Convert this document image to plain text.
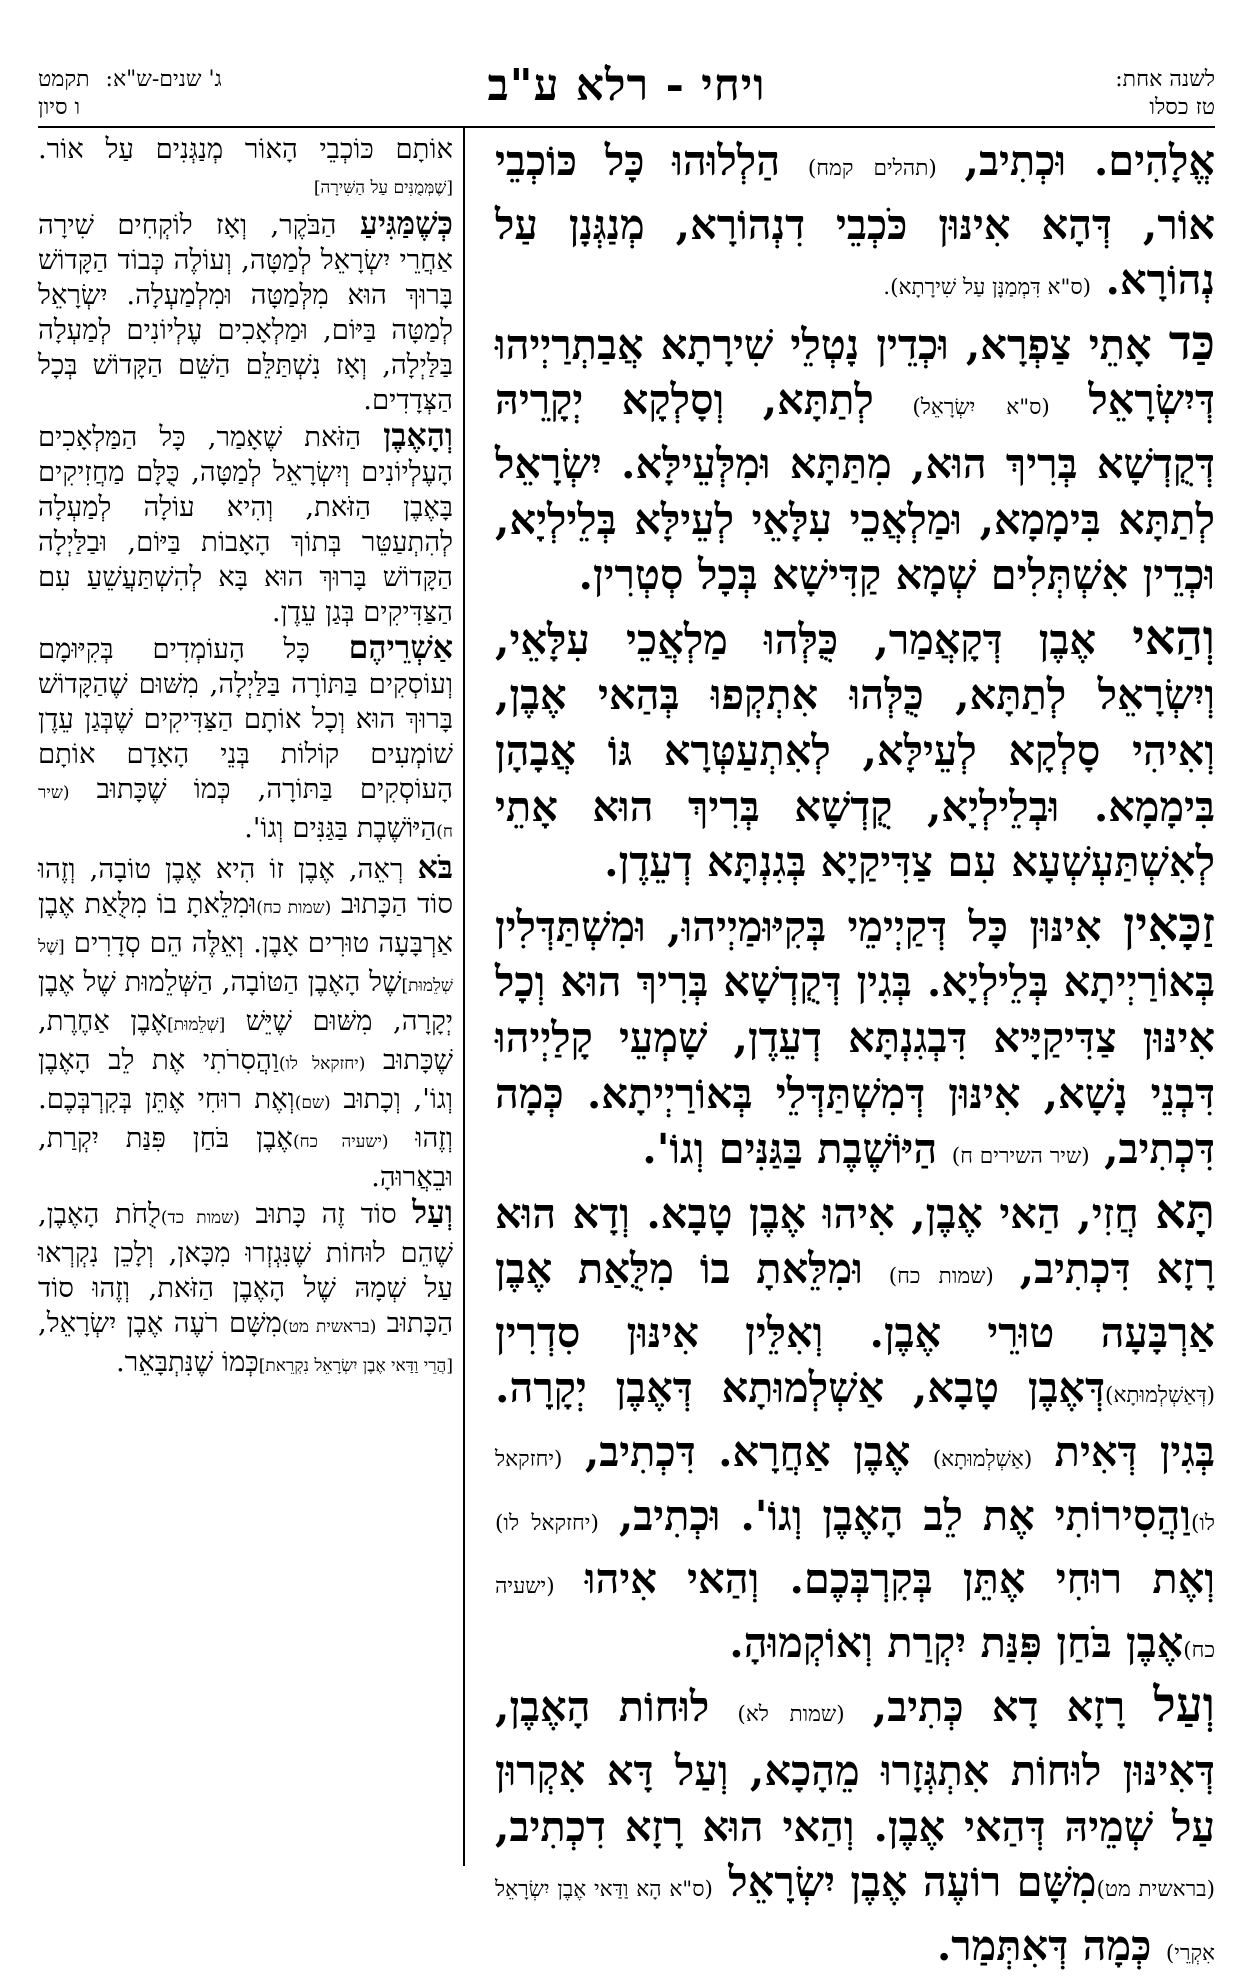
לשנה אחת:
טז כסלו
ויחי - רלא ע"ב
ג' שנים-ש"א:
תקמט
ו סיון

אֱלָהִים. וּכְתִיב, (תהלים קמח) הַלְלוּהוּ כָּל כּוֹכְבֵי אוֹר, דְּהָא אִינּוּן כֹּכְבֵי דִנְהוֹרָא, מְנַגְּנָן עַל נְהוֹרָא. (ס"א דִּמְמַנָּן עַל שִׁירָתָא).

כַּד אָתֵי צַפְרָא, וּכְדֵין נָטְלֵי שִׁירָתָא אֲבַתְרַיְיהוּ דְּיִשְׂרָאֵל (ס"א יִשְׂרָאֵל) לְתַתָּא, וְסָלְקָא יְקָרֵיהּ דְּקֻדְשָׁא בְּרִיךְ הוּא, מִתַּתָּא וּמִלְּעֵילָּא. יִשְׂרָאֵל לְתַתָּא בִּימָמָא, וּמַלְאֲכֵי עִלָּאֵי לְעֵילָּא בְּלֵילְיָא, וּכְדֵין אִשְׁתְּלִים שְׁמָא קַדִּישָׁא בְּכָל סְטְרִין.

וְהַאי אֶבֶן דְּקָאֲמַר, כֻּלְּהוּ מַלְאֲכֵי עִלָּאֵי, וְיִשְׂרָאֵל לְתַתָּא, כֻּלְּהוּ אִתְקְפוּ בְּהַאי אֶבֶן, וְאִיהִי סָלְקָא לְעֵילָּא, לְאִתְעַטְּרָא גּוֹ אֲבָהָן בִּימָמָא. וּבְלֵילְיָא, קֻדְשָׁא בְּרִיךְ הוּא אָתֵי לְאִשְׁתַּעְשְׁעָא עִם צַדִּיקַיָא בְּגִנְתָּא דְעֵדֶן.

זַכָּאִין אִינּוּן כָּל דְּקַיְימֵי בְּקִיּוּמַיְיהוּ, וּמִשְׁתַּדְּלִין בְּאוֹרַיְיתָא בְּלֵילְיָא. בְּגִין דְּקֻדְשָׁא בְּרִיךְ הוּא וְכָל אִינּוּן צַדִּיקַיָּיא דִּבְגִנְתָּא דְעֵדֶן, שָׁמְעֵי קָלַיְיהוּ דִּבְנֵי נָשָׁא, אִינּוּן דְּמִשְׁתַּדְּלֵי בְּאוֹרַיְיתָא. כְּמָה דִּכְתִיב, (שיר השירים ח) הַיּוֹשֶׁבֶת בַּגַּנִּים וְגוֹ'.

תָּא חֲזִי, הַאי אֶבֶן, אִיהוּ אֶבֶן טָבָא. וְדָא הוּא רָזָא דִּכְתִיב, (שמות כח) וּמִלֵּאתָ בוֹ מִלֻּאַת אֶבֶן אַרְבָּעָה טוּרֵי אֶבֶן. וְאִלֵּין אִינּוּן סִדְרִין (דְּאַשְׁלְמוּתָא)דְּאֶבֶן טָבָא, אַשְׁלְמוּתָא דְּאֶבֶן יְקָרָה. בְּגִין דְּאִית (אַשְׁלְמוּתָא) אֶבֶן אַחֲרָא. דִּכְתִיב, (יחזקאל לו)וַהֲסִירוֹתִי אֶת לֵב הָאֶבֶן וְגוֹ'. וּכְתִיב, (יחזקאל לו) וְאֶת רוּחִי אֶתֵּן בְּקִרְבְּכֶם. וְהַאי אִיהוּ (ישעיה כח)אֶבֶן בֹּחַן פִּנַּת יִקְרַת וְאוֹקְמוּהָ.

וְעַל רָזָא דָא כְּתִיב, (שמות לא) לוּחוֹת הָאֶבֶן, דְּאִינּוּן לוּחוֹת אִתְגְּזָרוּ מֵהָכָא, וְעַל דָּא אִקְרוּן עַל שְׁמֵיהּ דְּהַאי אֶבֶן. וְהַאי הוּא רָזָא דִכְתִיב, (בראשית מט)מִשָּׁם רוֹעֶה אֶבֶן יִשְׂרָאֵל (ס"א הָא וַדַּאי אֶבֶן יִשְׂרָאֵל אִקְרֵי) כְּמָה דְּאִתְּמַר.

אוֹתָם כּוֹכְבֵי הָאוֹר מְנַגְּנִים עַל אוֹר. [שֶׁמְּמֻנִּים עַל הַשִּׁירָה]

כְּשֶׁמַּגִּיעַ הַבֹּקֶר, וְאָז לוֹקְחִים שִׁירָה אַחֲרֵי יִשְׂרָאֵל לְמַטָּה, וְעוֹלֶה כְּבוֹד הַקָּדוֹשׁ בָּרוּךְ הוּא מִלְּמַטָּה וּמִלְמַעְלָה. יִשְׂרָאֵל לְמַטָּה בַּיּוֹם, וּמַלְאָכִים עֶלְיוֹנִים לְמַעְלָה בַּלַּיְלָה, וְאָז נִשְׁתַּלֵּם הַשֵּׁם הַקָּדוֹשׁ בְּכָל הַצְּדָדִים.

וְהָאֶבֶן הַזֹּאת שֶׁאָמַר, כָּל הַמַּלְאָכִים הָעֶלְיוֹנִים וְיִשְׂרָאֵל לְמַטָּה, כֻּלָּם מַחֲזִיקִים בָּאֶבֶן הַזֹּאת, וְהִיא עוֹלָה לְמַעְלָה לְהִתְעַטֵּר בְּתוֹךְ הָאָבוֹת בַּיּוֹם, וּבַלַּיְלָה הַקָּדוֹשׁ בָּרוּךְ הוּא בָּא לְהִשְׁתַּעֲשֵׁעַ עִם הַצַּדִּיקִים בְּגַן עֵדֶן.

אַשְׁרֵיהֶם כָּל הָעוֹמְדִים בְּקִיּוּמָם וְעוֹסְקִים בַּתּוֹרָה בַּלַּיְלָה, מִשּׁוּם שֶׁהַקָּדוֹשׁ בָּרוּךְ הוּא וְכָל אוֹתָם הַצַּדִּיקִים שֶׁבְּגַן עֵדֶן שׁוֹמְעִים קוֹלוֹת בְּנֵי הָאָדָם אוֹתָם הָעוֹסְקִים בַּתּוֹרָה, כְּמוֹ שֶׁכָּתוּב (שיר ח)הַיּוֹשֶׁבֶת בַּגַּנִּים וְגוֹ'.

בֹּא רְאֵה, אֶבֶן זוֹ הִיא אֶבֶן טוֹבָה, וְזֶהוּ סוֹד הַכָּתוּב (שמות כח)וּמִלֵּאתָ בוֹ מִלֻּאַת אֶבֶן אַרְבָּעָה טוּרִים אָבֶן. וְאֵלֶּה הֵם סְדָרִים [שֶׁל שְׁלֵמוּת]שֶׁל הָאֶבֶן הַטּוֹבָה, הַשְּׁלֵמוּת שֶׁל אֶבֶן יְקָרָה, מִשּׁוּם שֶׁיֵּשׁ [שְׁלֵמוּת]אֶבֶן אַחֶרֶת, שֶׁכָּתוּב (יחזקאל לו)וַהֲסִרֹתִי אֶת לֵב הָאֶבֶן וְגוֹ', וְכָתוּב (שם)וְאֶת רוּחִי אֶתֵּן בְּקִרְבְּכֶם. וְזֶהוּ (ישעיה כח)אֶבֶן בֹּחַן פִּנַּת יִקְרַת, וּבֵאֲרוּהָ.

וְעַל סוֹד זֶה כָּתוּב (שמות כד)לֻחֹת הָאֶבֶן, שֶׁהֵם לוּחוֹת שֶׁנִּגְזְרוּ מִכָּאן, וְלָכֵן נִקְרְאוּ עַל שְׁמָהּ שֶׁל הָאֶבֶן הַזֹּאת, וְזֶהוּ סוֹד הַכָּתוּב (בראשית מט)מִשָּׁם רֹעֶה אֶבֶן יִשְׂרָאֵל, [הֲרֵי וַדַּאי אֶבֶן יִשְׂרָאֵל נִקְרֵאת]כְּמוֹ שֶׁנִּתְבָּאֵר.
